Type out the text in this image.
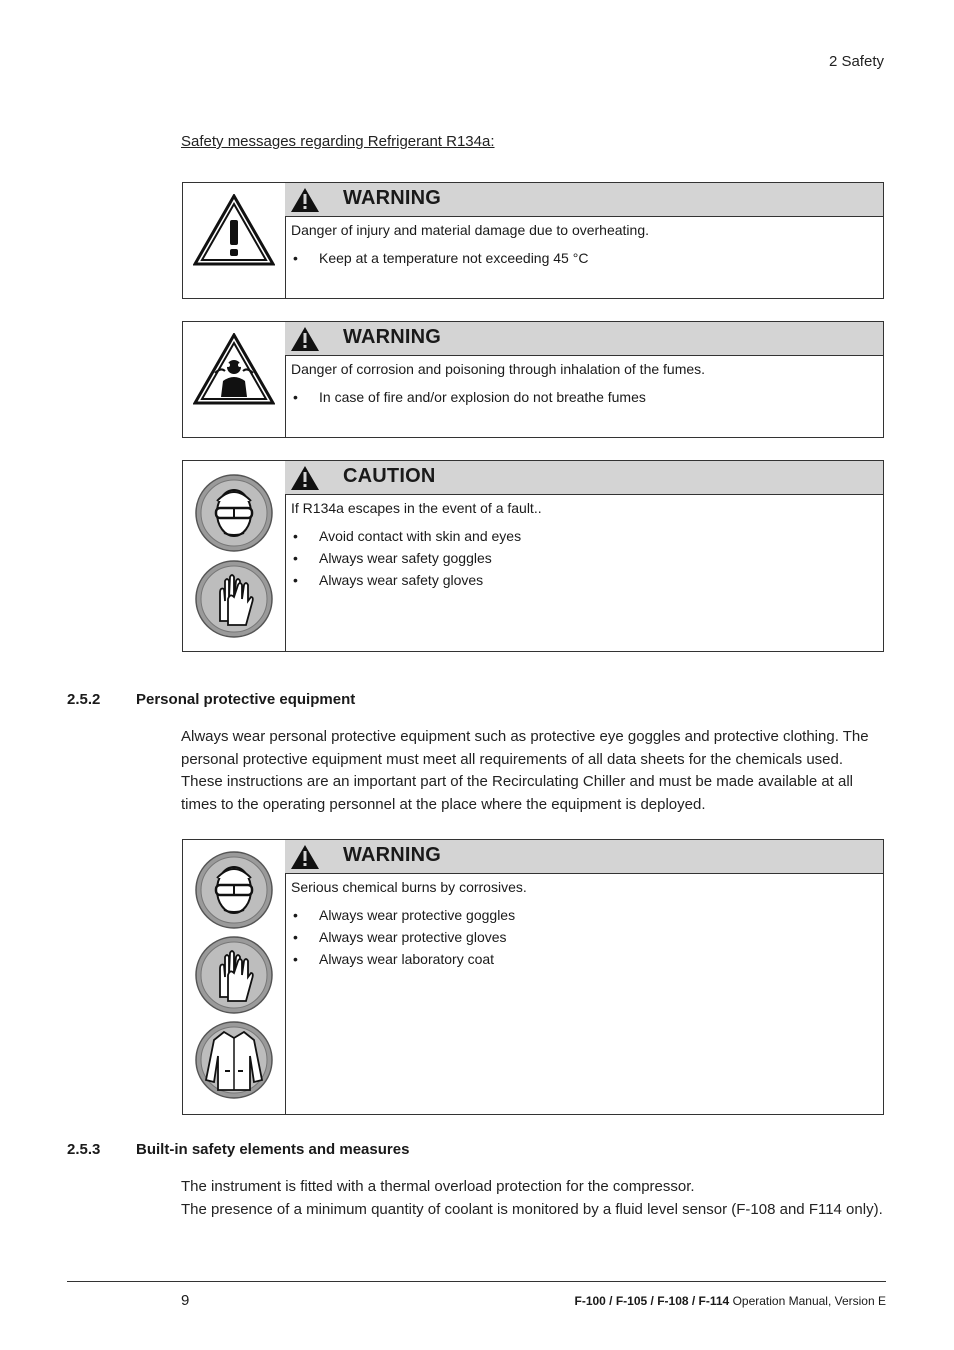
2 Safety
Safety messages regarding Refrigerant R134a:
WARNING

Danger of injury and material damage due to overheating.

• Keep at a temperature not exceeding 45 °C
WARNING

Danger of corrosion and poisoning through inhalation of the fumes.

• In case of fire and/or explosion do not breathe fumes
CAUTION

If R134a escapes in the event of a fault..

• Avoid contact with skin and eyes
• Always wear safety goggles
• Always wear safety gloves
2.5.2 Personal protective equipment
Always wear personal protective equipment such as protective eye goggles and protective clothing. The personal protective equipment must meet all requirements of all data sheets for the chemicals used. These instructions are an important part of the Recirculating Chiller and must be made available at all times to the operating personnel at the place where the equipment is deployed.
WARNING

Serious chemical burns by corrosives.

• Always wear protective goggles
• Always wear protective gloves
• Always wear laboratory coat
2.5.3 Built-in safety elements and measures
The instrument is fitted with a thermal overload protection for the compressor.
The presence of a minimum quantity of coolant is monitored by a fluid level sensor (F-108 and F114 only).
9	F-100 / F-105 / F-108 / F-114 Operation Manual, Version E
